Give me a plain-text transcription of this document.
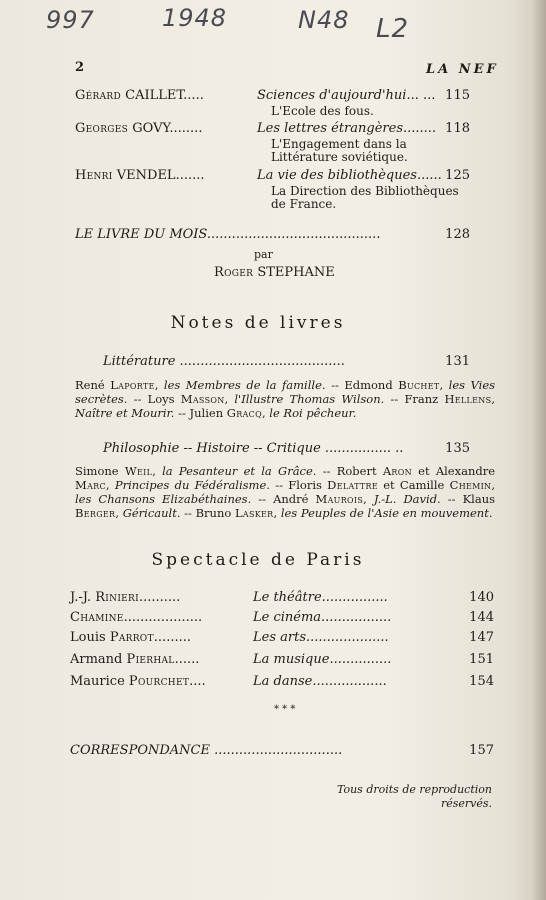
997	1948	N48 L2
2	LA NEF
Gérard CAILLET.....	Sciences d'aujourd'hui... ... 115
L'Ecole des fous.
Georges GOVY........	Les lettres étrangères........ 118
L'Engagement dans la Littérature soviétique.
Henri VENDEL.......	La vie des bibliothèques...... 125
La Direction des Bibliothèques de France.
LE LIVRE DU MOIS..........................................	128
par
Roger STEPHANE
Notes de livres
Littérature ........................................	131
René Laporte, les Membres de la famille. -- Edmond Buchet, les Vies secrètes. -- Loys Masson, l'Illustre Thomas Wilson. -- Franz Hellens, Naître et Mourir. -- Julien Gracq, le Roi pêcheur.
Philosophie -- Histoire -- Critique ................ ..	135
Simone Weil, la Pesanteur et la Grâce. -- Robert Aron et Alexandre Marc, Principes du Fédéralisme. -- Floris Delattre et Camille Chemin, les Chansons Elizabéthaines. -- André Maurois, J.-L. David. -- Klaus Berger, Géricault. -- Bruno Lasker, les Peuples de l'Asie en mouvement.
Spectacle de Paris
J.-J. Rinieri..........	Le théâtre................	140
Chamine...................	Le cinéma.................	144
Louis Parrot.........	Les arts....................	147
Armand Pierhal......	La musique...............	151
Maurice Pourchet....	La danse..................	154
* * *
CORRESPONDANCE ...............................	157
Tous droits de reproduction
réservés.
